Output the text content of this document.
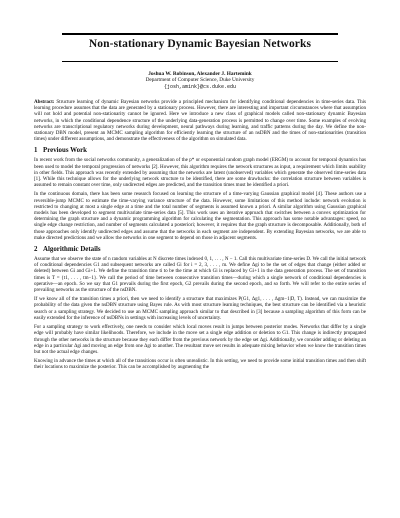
Non-stationary Dynamic Bayesian Networks
Joshua W. Robinson, Alexander J. Hartemink
Department of Computer Science, Duke University
{josh,amink}@cs.duke.edu

Abstract: Structure learning of dynamic Bayesian networks provide a principled mechanism for identifying conditional dependencies in time-series data. This learning procedure assumes that the data are generated by a stationary process. However, there are interesting and important circumstances where that assumption will not hold and potential non-stationarity cannot be ignored. Here we introduce a new class of graphical models called non-stationary dynamic Bayesian networks, in which the conditional dependence structure of the underlying data-generation process is permitted to change over time. Some examples of evolving networks are transcriptional regulatory networks during development, neural pathways during learning, and traffic patterns during the day. We define the non-stationary DBN model, present an MCMC sampling algorithm for efficiently learning the structure of an nsDBN and the times of non-stationarities (transition times) under different assumptions, and demonstrate the effectiveness of the algorithm on simulated data.

1 Previous Work

In recent work from the social networks community, a generalization of the p* or exponential random graph model (ERGM) to account for temporal dynamics has been used to model the temporal progression of networks [2]. However, this algorithm requires the network structures as input, a requirement which limits usability in other fields. This approach was recently extended by assuming that the networks are latent (unobserved) variables which generate the observed time-series data [1]. While this technique allows for the underlying network structure to be identified, there are some drawbacks: the correlation structure between variables is assumed to remain constant over time, only undirected edges are predicted, and the transition times must be identified a priori.

In the continuous domain, there has been some research focused on learning the structure of a time-varying Gaussian graphical model [4]. These authors use a reversible-jump MCMC to estimate the time-varying variance structure of the data. However, some limitations of this method include: network evolution is restricted to changing at most a single edge at a time and the total number of segments is assumed known a priori. A similar algorithm using Gaussian graphical models has been developed to segment multivariate time-series data [5]. This work uses an iterative approach that switches between a convex optimization for determining the graph structure and a dynamic programming algorithm for calculating the segmentation. This approach has some notable advantages: speed, no single edge change restriction, and number of segments calculated a posteriori; however, it requires that the graph structure is decomposable. Additionally, both of those approaches only identify undirected edges and assume that the networks in each segment are independent. By extending Bayesian networks, we are able to make directed predictions and we allow the networks in one segment to depend on those in adjacent segments.

2 Algorithmic Details

Assume that we observe the state of n random variables at N discrete times indexed 0, 1, . . . , N − 1. Call this multivariate time-series D. We call the initial network of conditional dependencies G1 and subsequent networks are called Gi for i = 2, 3, . . . , m. We define Δgi to be the set of edges that change (either added or deleted) between Gi and Gi+1. We define the transition time ti to be the time at which Gi is replaced by Gi+1 in the data generation process. The set of transition times is T = {t1, . . . , tm−1}. We call the period of time between consecutive transition times—during which a single network of conditional dependencies is operative—an epoch. So we say that G1 prevails during the first epoch, G2 prevails during the second epoch, and so forth. We will refer to the entire series of prevailing networks as the structure of the nsDBN.

If we know all of the transition times a priori, then we need to identify a structure that maximizes P(G1, Δg1, . . . , Δgm−1|D, T). Instead, we can maximize the probability of the data given the nsDBN structure using Bayes rule. As with most structure learning techniques, the best structure can be identified via a heuristic search or a sampling strategy. We decided to use an MCMC sampling approach similar to that described in [3] because a sampling algorithm of this form can be easily extended for the inference of nsDBNs in settings with increasing levels of uncertainty.

For a sampling strategy to work effectively, one needs to consider which local moves result in jumps between posterior modes. Networks that differ by a single edge will probably have similar likelihoods. Therefore, we include in the move set a single edge addition or deletion to G1. This change is indirectly propagated through the other networks in the structure because they each differ from the previous network by the edge set Δgi. Additionally, we consider adding or deleting an edge in a particular Δgi and moving an edge from one Δgi to another. The resultant move set results in adequate mixing behavior when we know the transition times but not the actual edge changes.

Knowing in advance the times at which all of the transitions occur is often unrealistic. In this setting, we need to provide some initial transition times and then shift their locations to maximize the posterior. This can be accomplished by augmenting the
